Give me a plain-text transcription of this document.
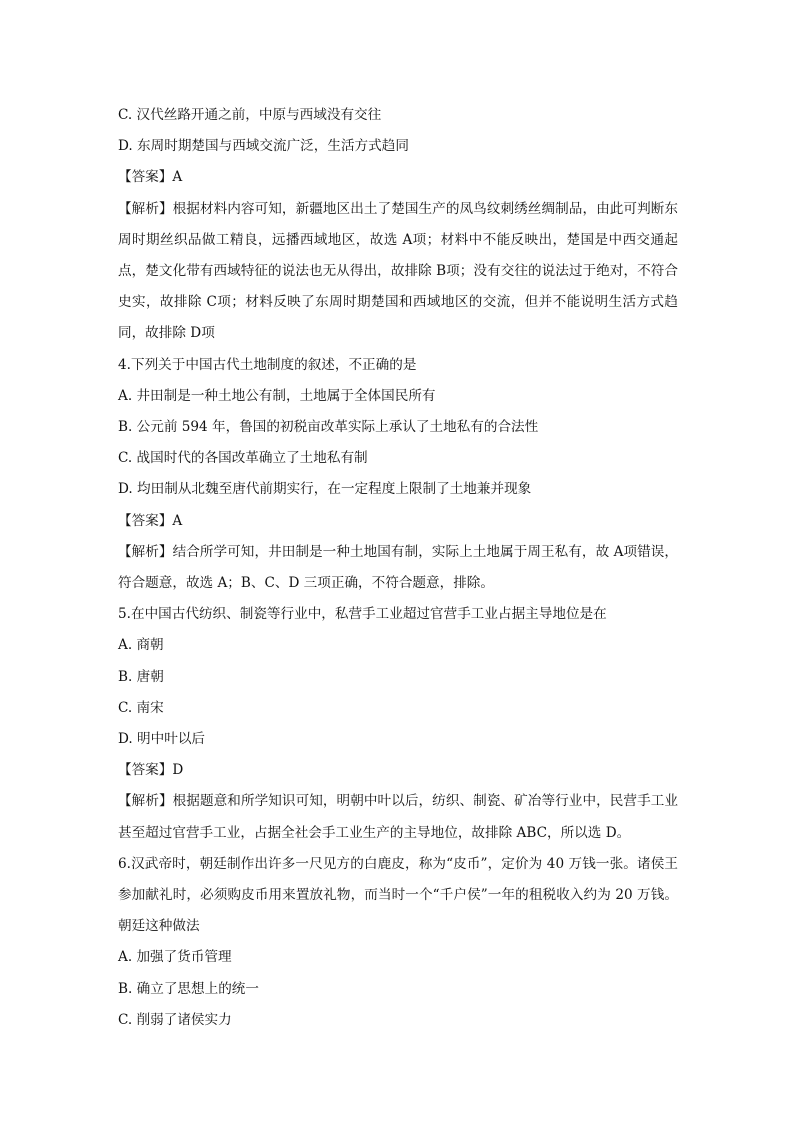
C. 汉代丝路开通之前，中原与西域没有交往
D. 东周时期楚国与西域交流广泛，生活方式趋同
【答案】A
【解析】根据材料内容可知，新疆地区出土了楚国生产的凤鸟纹刺绣丝绸制品，由此可判断东周时期丝织品做工精良，远播西域地区，故选 A项；材料中不能反映出，楚国是中西交通起点，楚文化带有西域特征的说法也无从得出，故排除 B项；没有交往的说法过于绝对，不符合史实，故排除 C项；材料反映了东周时期楚国和西域地区的交流，但并不能说明生活方式趋同，故排除 D项
4.下列关于中国古代土地制度的叙述，不正确的是
A. 井田制是一种土地公有制，土地属于全体国民所有
B. 公元前 594 年，鲁国的初税亩改革实际上承认了土地私有的合法性
C. 战国时代的各国改革确立了土地私有制
D. 均田制从北魏至唐代前期实行，在一定程度上限制了土地兼并现象
【答案】A
【解析】结合所学可知，井田制是一种土地国有制，实际上土地属于周王私有，故 A项错误，符合题意，故选 A；B、C、D 三项正确，不符合题意，排除。
5.在中国古代纺织、制瓷等行业中，私营手工业超过官营手工业占据主导地位是在
A. 商朝
B. 唐朝
C. 南宋
D. 明中叶以后
【答案】D
【解析】根据题意和所学知识可知，明朝中叶以后，纺织、制瓷、矿冶等行业中，民营手工业甚至超过官营手工业，占据全社会手工业生产的主导地位，故排除 ABC，所以选 D。
6.汉武帝时，朝廷制作出许多一尺见方的白鹿皮，称为“皮币”，定价为 40 万钱一张。诸侯王参加献礼时，必须购皮币用来置放礼物，而当时一个“千户侯”一年的租税收入约为 20 万钱。朝廷这种做法
A. 加强了货币管理
B. 确立了思想上的统一
C. 削弱了诸侯实力
